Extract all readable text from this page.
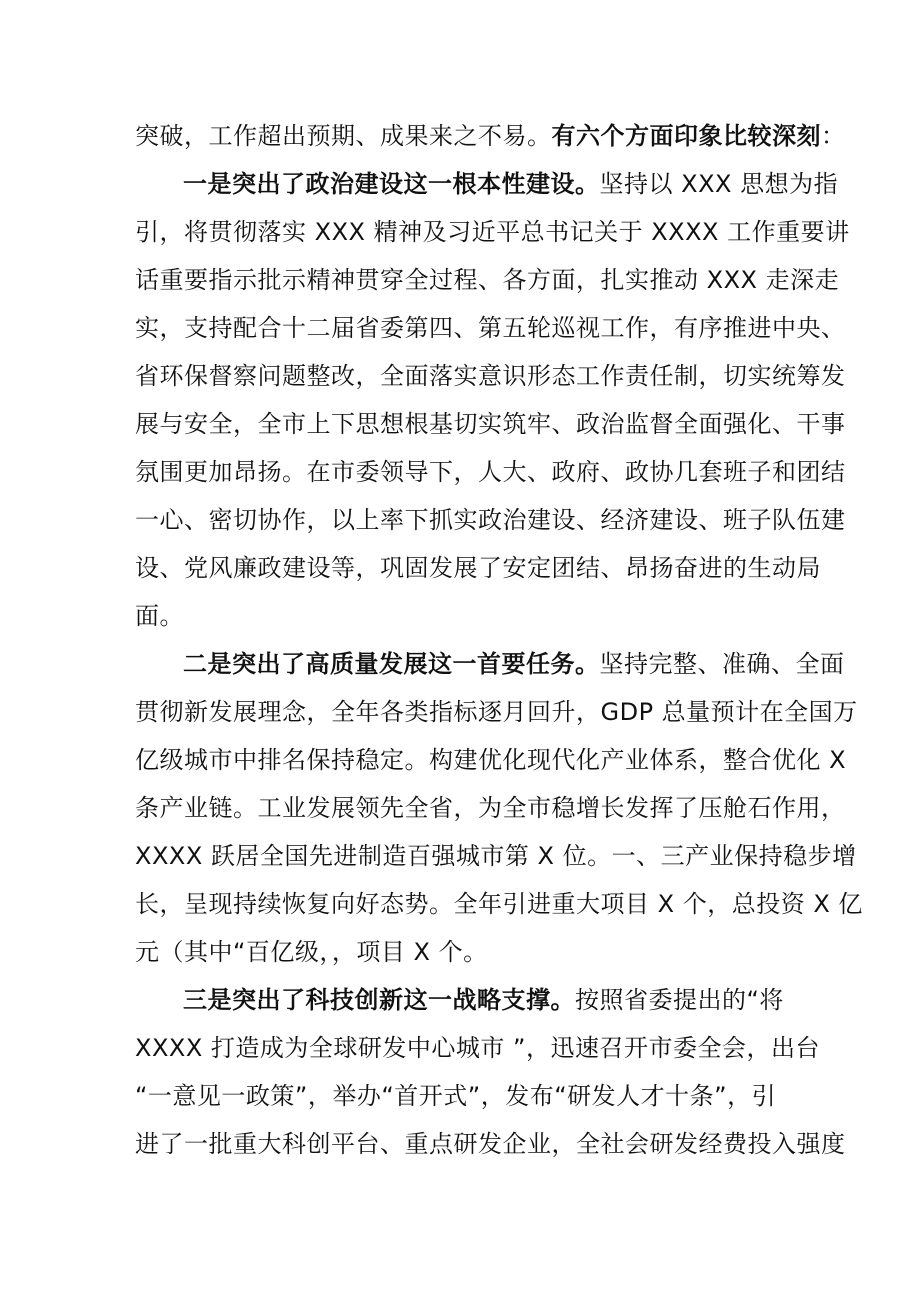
突破，工作超出预期、成果来之不易。有六个方面印象比较深刻：
一是突出了政治建设这一根本性建设。坚持以 XXX 思想为指
引，将贯彻落实 XXX 精神及习近平总书记关于 XXXX 工作重要讲
话重要指示批示精神贯穿全过程、各方面，扎实推动 XXX 走深走
实，支持配合十二届省委第四、第五轮巡视工作，有序推进中央、
省环保督察问题整改，全面落实意识形态工作责任制，切实统筹发
展与安全，全市上下思想根基切实筑牢、政治监督全面强化、干事
氛围更加昂扬。在市委领导下，人大、政府、政协几套班子和团结
一心、密切协作，以上率下抓实政治建设、经济建设、班子队伍建
设、党风廉政建设等，巩固发展了安定团结、昂扬奋进的生动局
面。
二是突出了高质量发展这一首要任务。坚持完整、准确、全面
贯彻新发展理念，全年各类指标逐月回升，GDP 总量预计在全国万
亿级城市中排名保持稳定。构建优化现代化产业体系，整合优化 X
条产业链。工业发展领先全省，为全市稳增长发挥了压舱石作用，
XXXX 跃居全国先进制造百强城市第 X 位。一、三产业保持稳步增
长，呈现持续恢复向好态势。全年引进重大项目 X 个，总投资 X 亿
元（其中“百亿级，，项目 X 个。
三是突出了科技创新这一战略支撑。按照省委提出的“将
XXXX 打造成为全球研发中心城市 ”，迅速召开市委全会，出台
“一意见一政策”，举办“首开式”，发布“研发人才十条”，引
进了一批重大科创平台、重点研发企业，全社会研发经费投入强度
